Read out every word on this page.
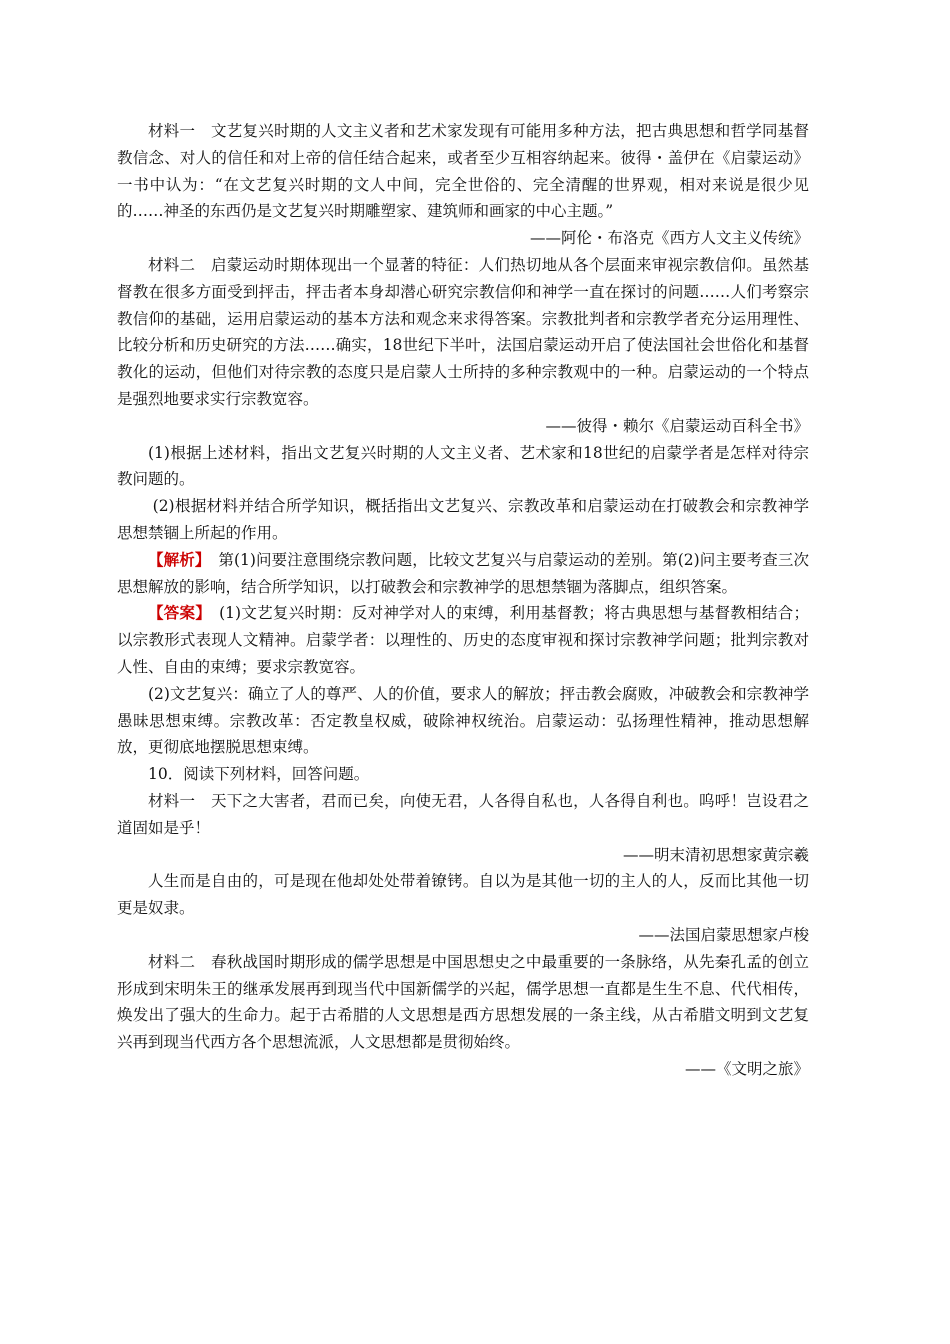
材料一　文艺复兴时期的人文主义者和艺术家发现有可能用多种方法，把古典思想和哲学同基督教信念、对人的信任和对上帝的信任结合起来，或者至少互相容纳起来。彼得・盖伊在《启蒙运动》一书中认为：“在文艺复兴时期的文人中间，完全世俗的、完全清醒的世界观，相对来说是很少见的……神圣的东西仍是文艺复兴时期雕塑家、建筑师和画家的中心主题。”

——阿伦・布洛克《西方人文主义传统》

材料二　启蒙运动时期体现出一个显著的特征：人们热切地从各个层面来审视宗教信仰。虽然基督教在很多方面受到抨击，抨击者本身却潜心研究宗教信仰和神学一直在探讨的问题……人们考察宗教信仰的基础，运用启蒙运动的基本方法和观念来求得答案。宗教批判者和宗教学者充分运用理性、比较分析和历史研究的方法……确实，18世纪下半叶，法国启蒙运动开启了使法国社会世俗化和基督教化的运动，但他们对待宗教的态度只是启蒙人士所持的多种宗教观中的一种。启蒙运动的一个特点是强烈地要求实行宗教宽容。

——彼得・赖尔《启蒙运动百科全书》

(1)根据上述材料，指出文艺复兴时期的人文主义者、艺术家和18世纪的启蒙学者是怎样对待宗教问题的。

(2)根据材料并结合所学知识，概括指出文艺复兴、宗教改革和启蒙运动在打破教会和宗教神学思想禁锢上所起的作用。

【解析】　第(1)问要注意围绕宗教问题，比较文艺复兴与启蒙运动的差别。第(2)问主要考查三次思想解放的影响，结合所学知识，以打破教会和宗教神学的思想禁锢为落脚点，组织答案。

【答案】　(1)文艺复兴时期：反对神学对人的束缚，利用基督教；将古典思想与基督教相结合；以宗教形式表现人文精神。启蒙学者：以理性的、历史的态度审视和探讨宗教神学问题；批判宗教对人性、自由的束缚；要求宗教宽容。

(2)文艺复兴：确立了人的尊严、人的价值，要求人的解放；抨击教会腐败，冲破教会和宗教神学愚昧思想束缚。宗教改革：否定教皇权威，破除神权统治。启蒙运动：弘扬理性精神，推动思想解放，更彻底地摆脱思想束缚。

10．阅读下列材料，回答问题。

材料一　天下之大害者，君而已矣，向使无君，人各得自私也，人各得自利也。呜呼！岂设君之道固如是乎！

——明末清初思想家黄宗羲

人生而是自由的，可是现在他却处处带着镣铐。自以为是其他一切的主人的人，反而比其他一切更是奴隶。

——法国启蒙思想家卢梭

材料二　春秋战国时期形成的儒学思想是中国思想史之中最重要的一条脉络，从先秦孔孟的创立形成到宋明朱王的继承发展再到现当代中国新儒学的兴起，儒学思想一直都是生生不息、代代相传，焕发出了强大的生命力。起于古希腊的人文思想是西方思想发展的一条主线，从古希腊文明到文艺复兴再到现当代西方各个思想流派，人文思想都是贯彻始终。

——《文明之旅》
